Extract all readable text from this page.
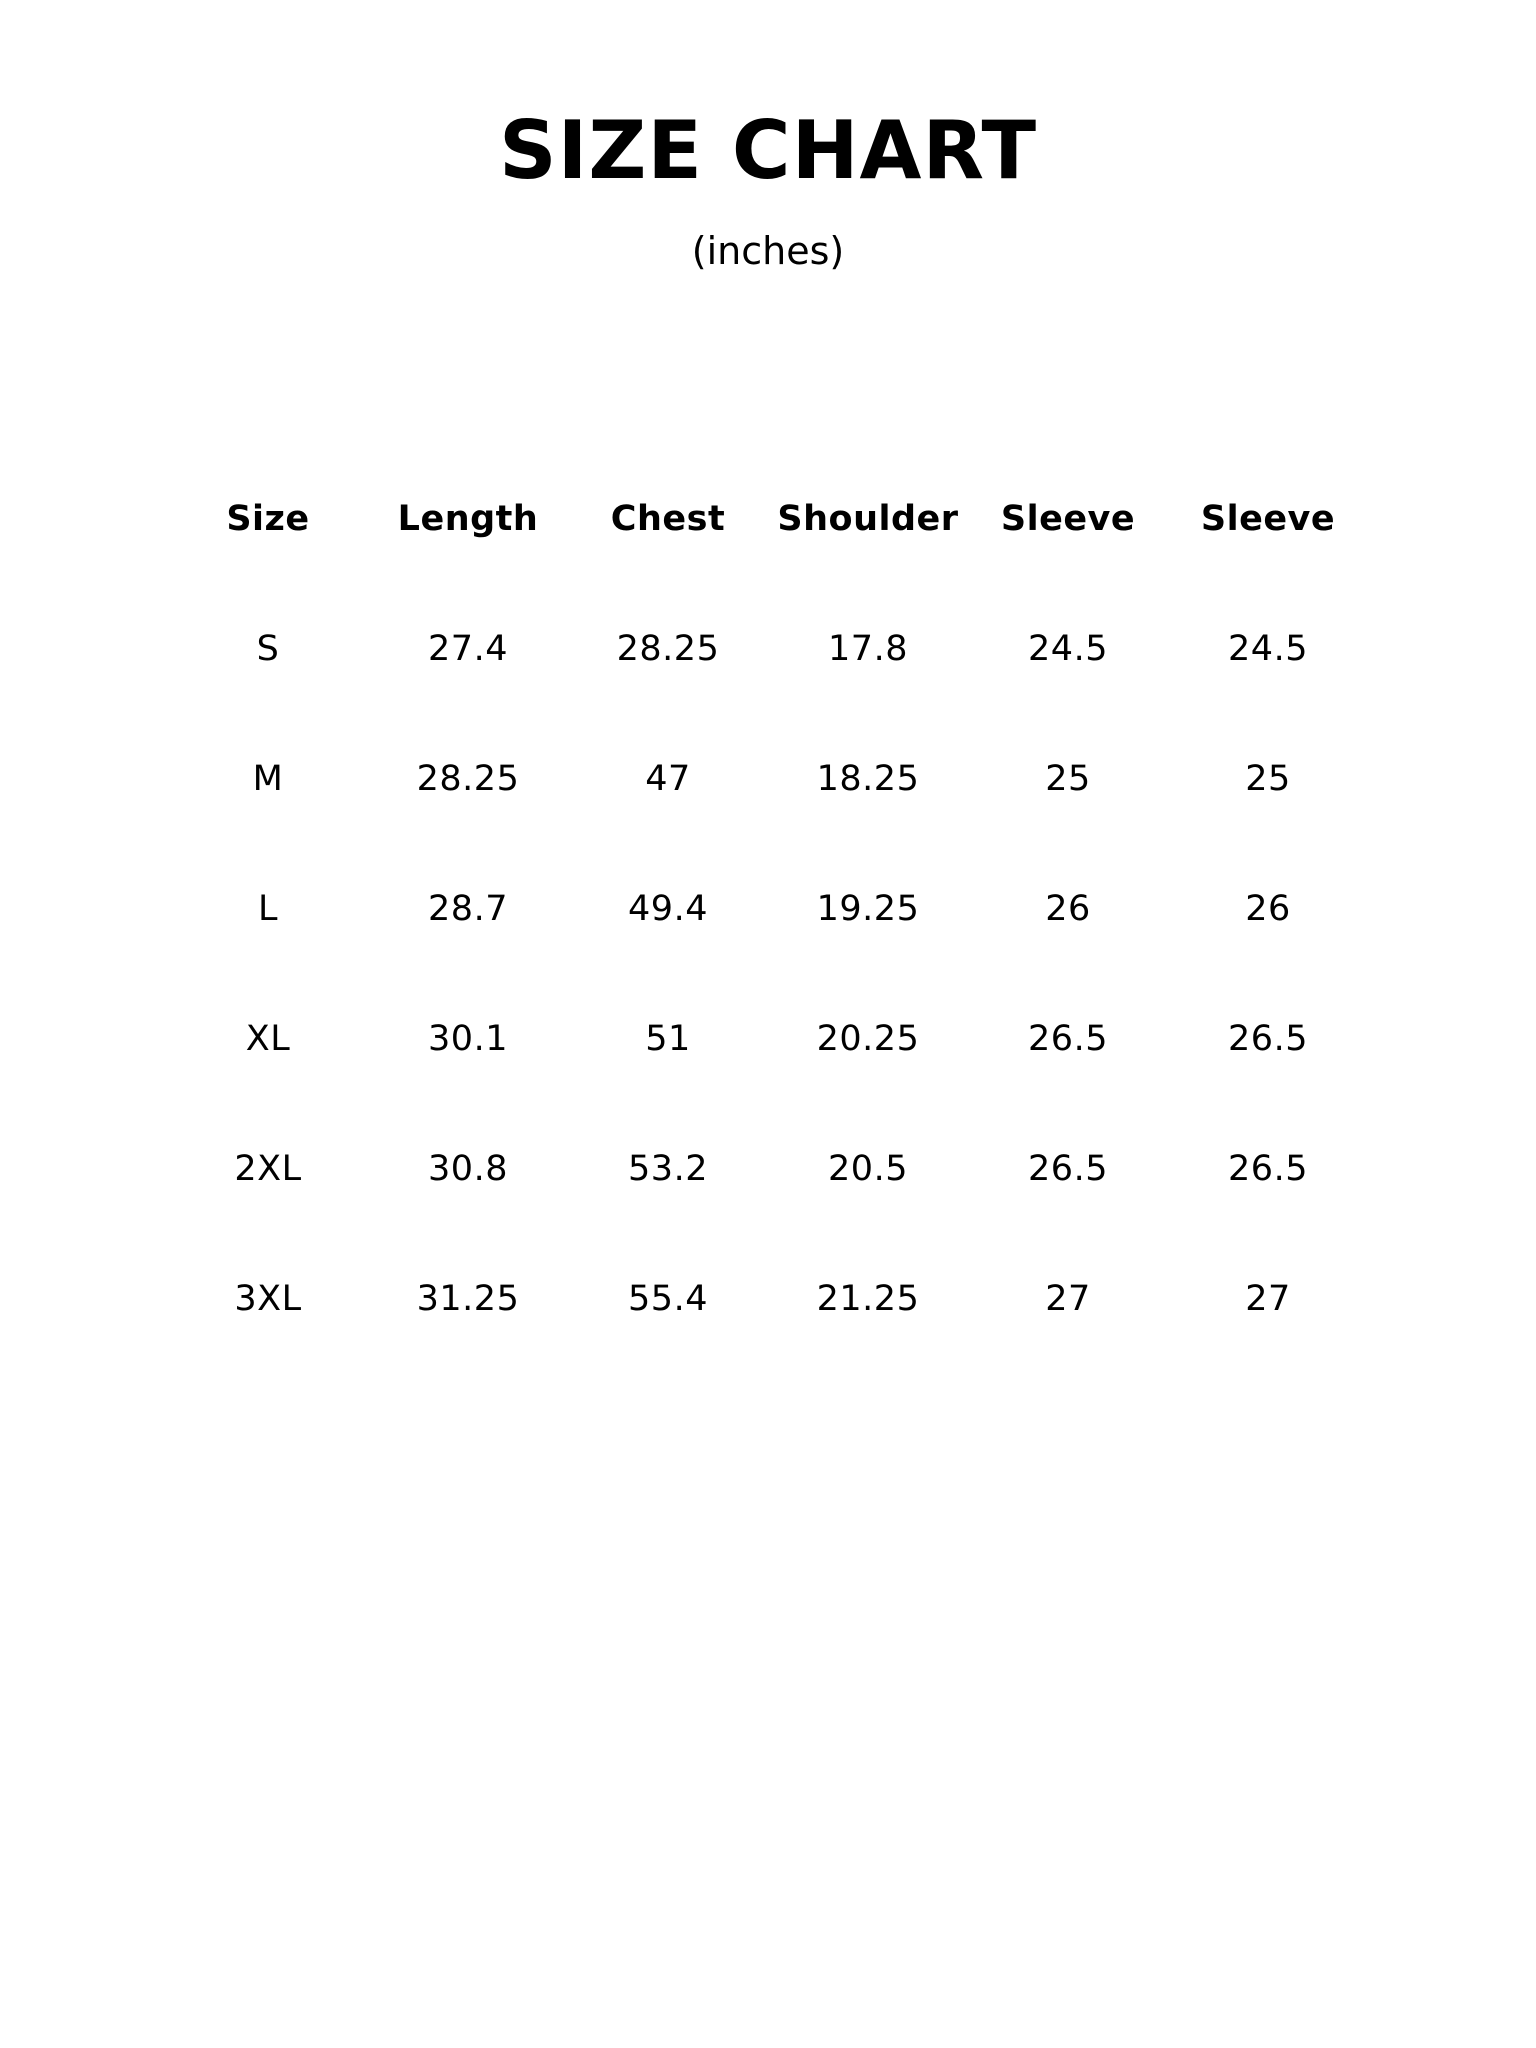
SIZE CHART

(inches)

Size	Length	Chest	Shoulder	Sleeve	Sleeve
S	27.4	28.25	17.8	24.5	24.5
M	28.25	47	18.25	25	25
L	28.7	49.4	19.25	26	26
XL	30.1	51	20.25	26.5	26.5
2XL	30.8	53.2	20.5	26.5	26.5
3XL	31.25	55.4	21.25	27	27
